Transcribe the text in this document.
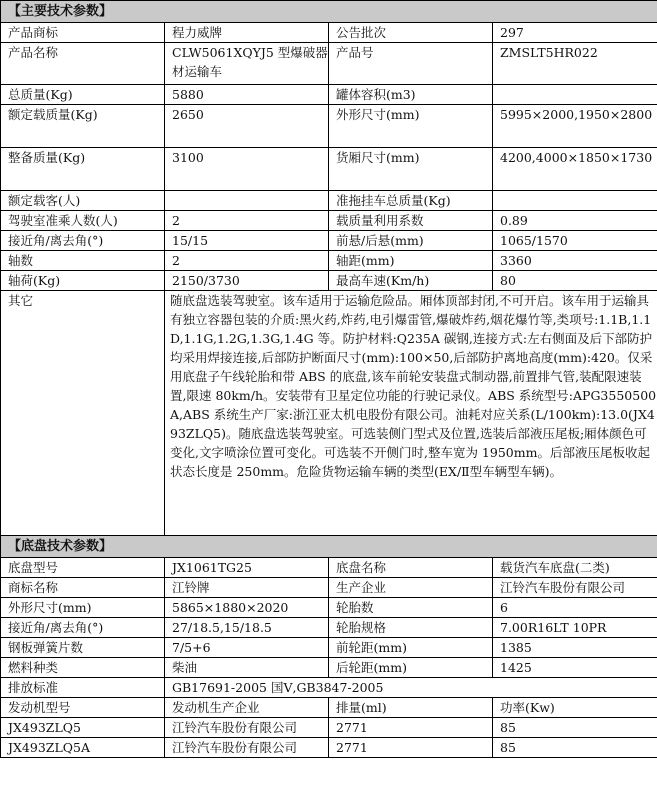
【主要技术参数】			
产品商标	程力威牌	公告批次	297
产品名称	CLW5061XQYJ5 型爆破器材运输车	产品号	ZMSLT5HR022
总质量(Kg)	5880	罐体容积(m3)	
额定载质量(Kg)	2650	外形尺寸(mm)	5995×2000,1950×2800
整备质量(Kg)	3100	货厢尺寸(mm)	4200,4000×1850×1730
额定载客(人)		准拖挂车总质量(Kg)	
驾驶室准乘人数(人)	2	载质量利用系数	0.89
接近角/离去角(°)	15/15	前悬/后悬(mm)	1065/1570
轴数	2	轴距(mm)	3360
轴荷(Kg)	2150/3730	最高车速(Km/h)	80
其它	随底盘选装驾驶室。该车适用于运输危险品。厢体顶部封闭,不可开启。该车用于运输具有独立容器包装的介质:黑火药,炸药,电引爆雷管,爆破炸药,烟花爆竹等,类项号:1.1B,1.1D,1.1G,1.2G,1.3G,1.4G 等。防护材料:Q235A 碳钢,连接方式:左右侧面及后下部防护均采用焊接连接,后部防护断面尺寸(mm):100×50,后部防护离地高度(mm):420。仅采用底盘子午线轮胎和带 ABS 的底盘,该车前轮安装盘式制动器,前置排气管,装配限速装置,限速 80km/h。安装带有卫星定位功能的行驶记录仪。ABS 系统型号:APG3550500A,ABS 系统生产厂家:浙江亚太机电股份有限公司。油耗对应关系(L/100km):13.0(JX493ZLQ5)。随底盘选装驾驶室。可选装侧门型式及位置,选装后部液压尾板;厢体颜色可变化,文字喷涂位置可变化。可选装不开侧门时,整车宽为 1950mm。后部液压尾板收起状态长度是 250mm。危险货物运输车辆的类型(EX/Ⅱ型车辆型车辆)。		
【底盘技术参数】			
底盘型号	JX1061TG25	底盘名称	载货汽车底盘(二类)
商标名称	江铃牌	生产企业	江铃汽车股份有限公司
外形尺寸(mm)	5865×1880×2020	轮胎数	6
接近角/离去角(°)	27/18.5,15/18.5	轮胎规格	7.00R16LT 10PR
钢板弹簧片数	7/5+6	前轮距(mm)	1385
燃料种类	柴油	后轮距(mm)	1425
排放标准	GB17691-2005 国Ⅴ,GB3847-2005		
发动机型号	发动机生产企业	排量(ml)	功率(Kw)
JX493ZLQ5	江铃汽车股份有限公司	2771	85
JX493ZLQ5A	江铃汽车股份有限公司	2771	85
